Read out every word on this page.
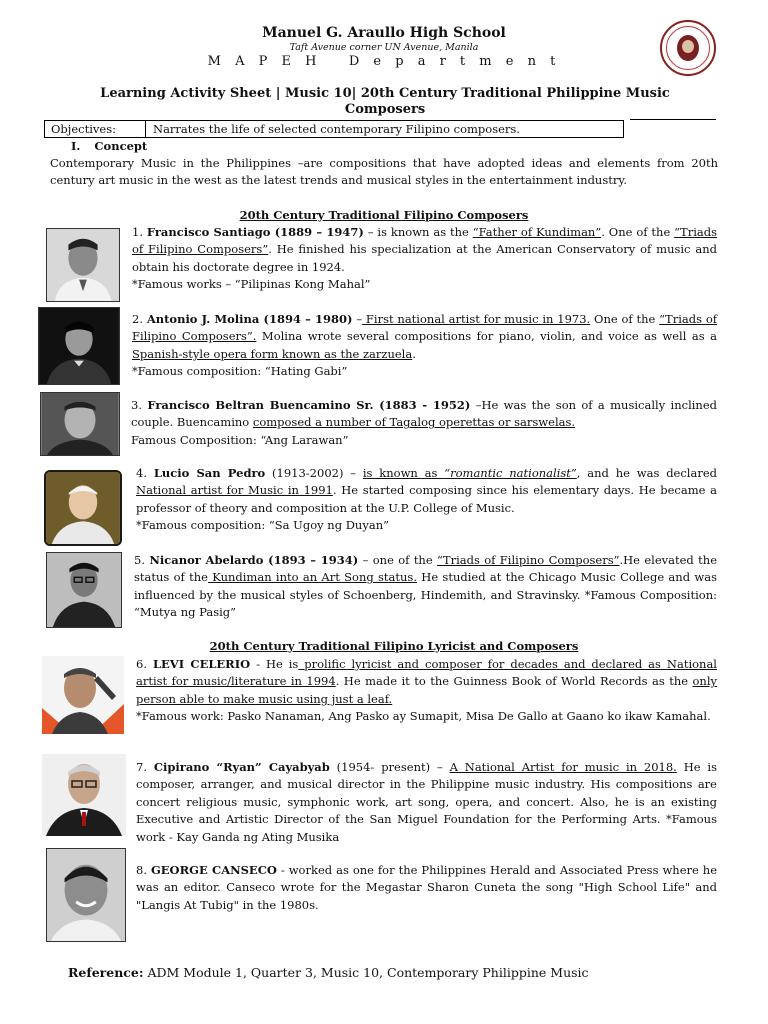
Manuel G. Araullo High School
Taft Avenue corner UN Avenue, Manila
M A P E H   D e p a r t m e n t
Learning Activity Sheet | Music 10| 20th Century Traditional Philippine Music
Composers
Objectives:	Narrates the life of selected contemporary Filipino composers.
I. Concept
Contemporary Music in the Philippines –are compositions that have adopted ideas and elements from 20th century art music in the west as the latest trends and musical styles in the entertainment industry.
20th Century Traditional Filipino Composers
1. Francisco Santiago (1889 – 1947) – is known as the “Father of Kundiman”. One of the “Triads of Filipino Composers”. He finished his specialization at the American Conservatory of music and obtain his doctorate degree in 1924.
*Famous works – “Pilipinas Kong Mahal”
2. Antonio J. Molina (1894 – 1980) – First national artist for music in 1973. One of the “Triads of Filipino Composers”. Molina wrote several compositions for piano, violin, and voice as well as a Spanish-style opera form known as the zarzuela.
*Famous composition: “Hating Gabi”
3. Francisco Beltran Buencamino Sr. (1883 - 1952) –He was the son of a musically inclined couple. Buencamino composed a number of Tagalog operettas or sarswelas.
Famous Composition: “Ang Larawan”
4. Lucio San Pedro (1913-2002) – is known as “romantic nationalist”, and he was declared National artist for Music in 1991. He started composing since his elementary days. He became a professor of theory and composition at the U.P. College of Music.
*Famous composition: “Sa Ugoy ng Duyan”
5. Nicanor Abelardo (1893 – 1934) – one of the “Triads of Filipino Composers”.He elevated the status of the Kundiman into an Art Song status. He studied at the Chicago Music College and was influenced by the musical styles of Schoenberg, Hindemith, and Stravinsky. *Famous Composition: “Mutya ng Pasig”
20th Century Traditional Filipino Lyricist and Composers
6. LEVI CELERIO - He is prolific lyricist and composer for decades and declared as National artist for music/literature in 1994. He made it to the Guinness Book of World Records as the only person able to make music using just a leaf.
*Famous work: Pasko Nanaman, Ang Pasko ay Sumapit, Misa De Gallo at Gaano ko ikaw Kamahal.
7. Cipirano “Ryan” Cayabyab (1954- present) – A National Artist for music in 2018. He is composer, arranger, and musical director in the Philippine music industry. His compositions are concert religious music, symphonic work, art song, opera, and concert. Also, he is an existing Executive and Artistic Director of the San Miguel Foundation for the Performing Arts. *Famous work - Kay Ganda ng Ating Musika
8. GEORGE CANSECO - worked as one for the Philippines Herald and Associated Press where he was an editor. Canseco wrote for the Megastar Sharon Cuneta the song "High School Life" and "Langis At Tubig" in the 1980s.
Reference: ADM Module 1, Quarter 3, Music 10, Contemporary Philippine Music
